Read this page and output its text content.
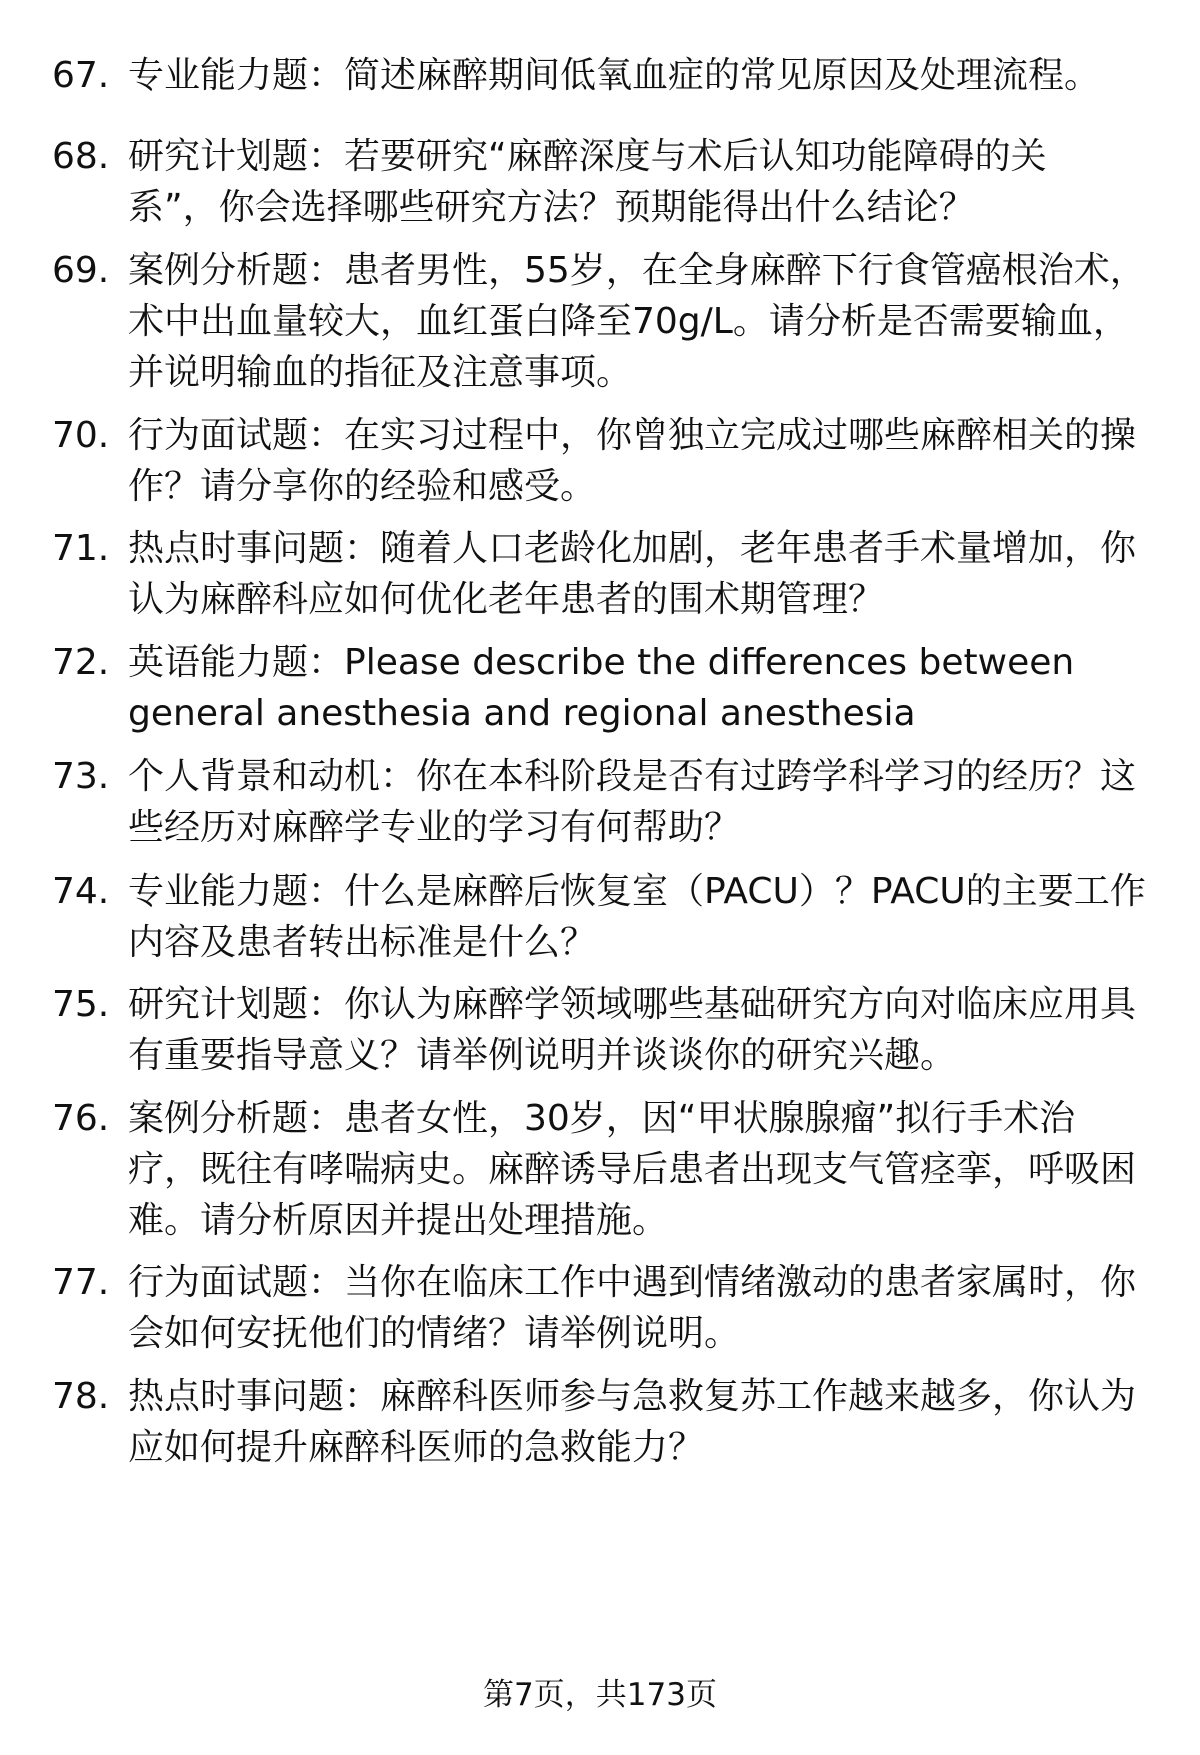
67. 专业能力题：简述麻醉期间低氧血症的常见原因及处理流程。
68. 研究计划题：若要研究“麻醉深度与术后认知功能障碍的关
系”，你会选择哪些研究方法？预期能得出什么结论？
69. 案例分析题：患者男性，55岁，在全身麻醉下行食管癌根治术，
术中出血量较大，血红蛋白降至70g/L。请分析是否需要输血，
并说明输血的指征及注意事项。
70. 行为面试题：在实习过程中，你曾独立完成过哪些麻醉相关的操
作？请分享你的经验和感受。
71. 热点时事问题：随着人口老龄化加剧，老年患者手术量增加，你
认为麻醉科应如何优化老年患者的围术期管理？
72. 英语能力题：Please describe the differences between
general anesthesia and regional anesthesia
73. 个人背景和动机：你在本科阶段是否有过跨学科学习的经历？这
些经历对麻醉学专业的学习有何帮助？
74. 专业能力题：什么是麻醉后恢复室（PACU）？PACU的主要工作
内容及患者转出标准是什么？
75. 研究计划题：你认为麻醉学领域哪些基础研究方向对临床应用具
有重要指导意义？请举例说明并谈谈你的研究兴趣。
76. 案例分析题：患者女性，30岁，因“甲状腺腺瘤”拟行手术治
疗，既往有哮喘病史。麻醉诱导后患者出现支气管痉挛，呼吸困
难。请分析原因并提出处理措施。
77. 行为面试题：当你在临床工作中遇到情绪激动的患者家属时，你
会如何安抚他们的情绪？请举例说明。
78. 热点时事问题：麻醉科医师参与急救复苏工作越来越多，你认为
应如何提升麻醉科医师的急救能力？
第7页，共173页
